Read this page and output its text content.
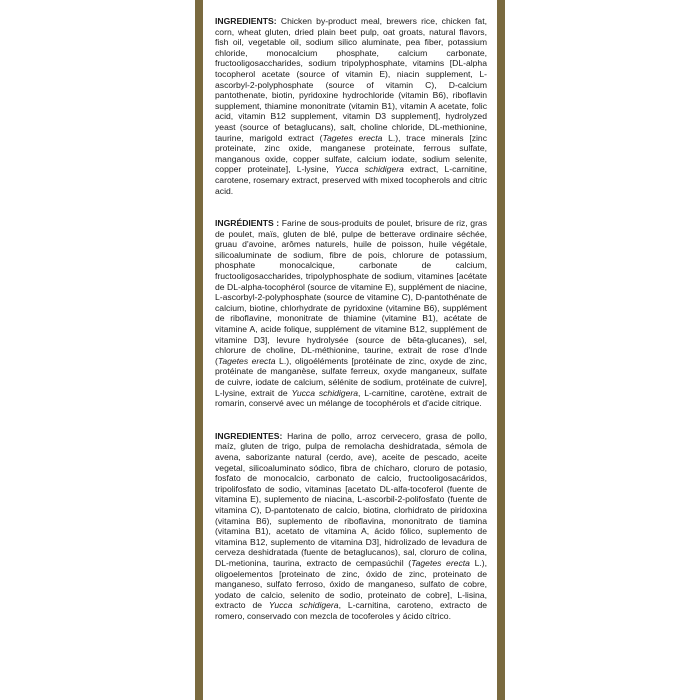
INGREDIENTS: Chicken by-product meal, brewers rice, chicken fat, corn, wheat gluten, dried plain beet pulp, oat groats, natural flavors, fish oil, vegetable oil, sodium silico aluminate, pea fiber, potassium chloride, monocalcium phosphate, calcium carbonate, fructooligosaccharides, sodium tripolyphosphate, vitamins [DL-alpha tocopherol acetate (source of vitamin E), niacin supplement, L-ascorbyl-2-polyphosphate (source of vitamin C), D-calcium pantothenate, biotin, pyridoxine hydrochloride (vitamin B6), riboflavin supplement, thiamine mononitrate (vitamin B1), vitamin A acetate, folic acid, vitamin B12 supplement, vitamin D3 supplement], hydrolyzed yeast (source of betaglucans), salt, choline chloride, DL-methionine, taurine, marigold extract (Tagetes erecta L.), trace minerals [zinc proteinate, zinc oxide, manganese proteinate, ferrous sulfate, manganous oxide, copper sulfate, calcium iodate, sodium selenite, copper proteinate], L-lysine, Yucca schidigera extract, L-carnitine, carotene, rosemary extract, preserved with mixed tocopherols and citric acid.

INGRÉDIENTS : Farine de sous-produits de poulet, brisure de riz, gras de poulet, maïs, gluten de blé, pulpe de betterave ordinaire séchée, gruau d'avoine, arômes naturels, huile de poisson, huile végétale, silicoaluminate de sodium, fibre de pois, chlorure de potassium, phosphate monocalcique, carbonate de calcium, fructooligosaccharides, tripolyphosphate de sodium, vitamines [acétate de DL-alpha-tocophérol (source de vitamine E), supplément de niacine, L-ascorbyl-2-polyphosphate (source de vitamine C), D-pantothénate de calcium, biotine, chlorhydrate de pyridoxine (vitamine B6), supplément de riboflavine, mononitrate de thiamine (vitamine B1), acétate de vitamine A, acide folique, supplément de vitamine B12, supplément de vitamine D3], levure hydrolysée (source de bêta-glucanes), sel, chlorure de choline, DL-méthionine, taurine, extrait de rose d'Inde (Tagetes erecta L.), oligoéléments [protéinate de zinc, oxyde de zinc, protéinate de manganèse, sulfate ferreux, oxyde manganeux, sulfate de cuivre, iodate de calcium, sélénite de sodium, protéinate de cuivre], L-lysine, extrait de Yucca schidigera, L-carnitine, carotène, extrait de romarin, conservé avec un mélange de tocophérols et d'acide citrique.

INGREDIENTES: Harina de pollo, arroz cervecero, grasa de pollo, maíz, gluten de trigo, pulpa de remolacha deshidratada, sémola de avena, saborizante natural (cerdo, ave), aceite de pescado, aceite vegetal, silicoaluminato sódico, fibra de chícharo, cloruro de potasio, fosfato de monocalcio, carbonato de calcio, fructooligosacáridos, tripolifosfato de sodio, vitaminas [acetato DL-alfa-tocoferol (fuente de vitamina E), suplemento de niacina, L-ascorbil-2-polifosfato (fuente de vitamina C), D-pantotenato de calcio, biotina, clorhidrato de piridoxina (vitamina B6), suplemento de riboflavina, mononitrato de tiamina (vitamina B1), acetato de vitamina A, ácido fólico, suplemento de vitamina B12, suplemento de vitamina D3], hidrolizado de levadura de cerveza deshidratada (fuente de betaglucanos), sal, cloruro de colina, DL-metionina, taurina, extracto de cempasúchil (Tagetes erecta L.), oligoelementos [proteinato de zinc, óxido de zinc, proteinato de manganeso, sulfato ferroso, óxido de manganeso, sulfato de cobre, yodato de calcio, selenito de sodio, proteinato de cobre], L-lisina, extracto de Yucca schidigera, L-carnitina, caroteno, extracto de romero, conservado con mezcla de tocoferoles y ácido cítrico.
